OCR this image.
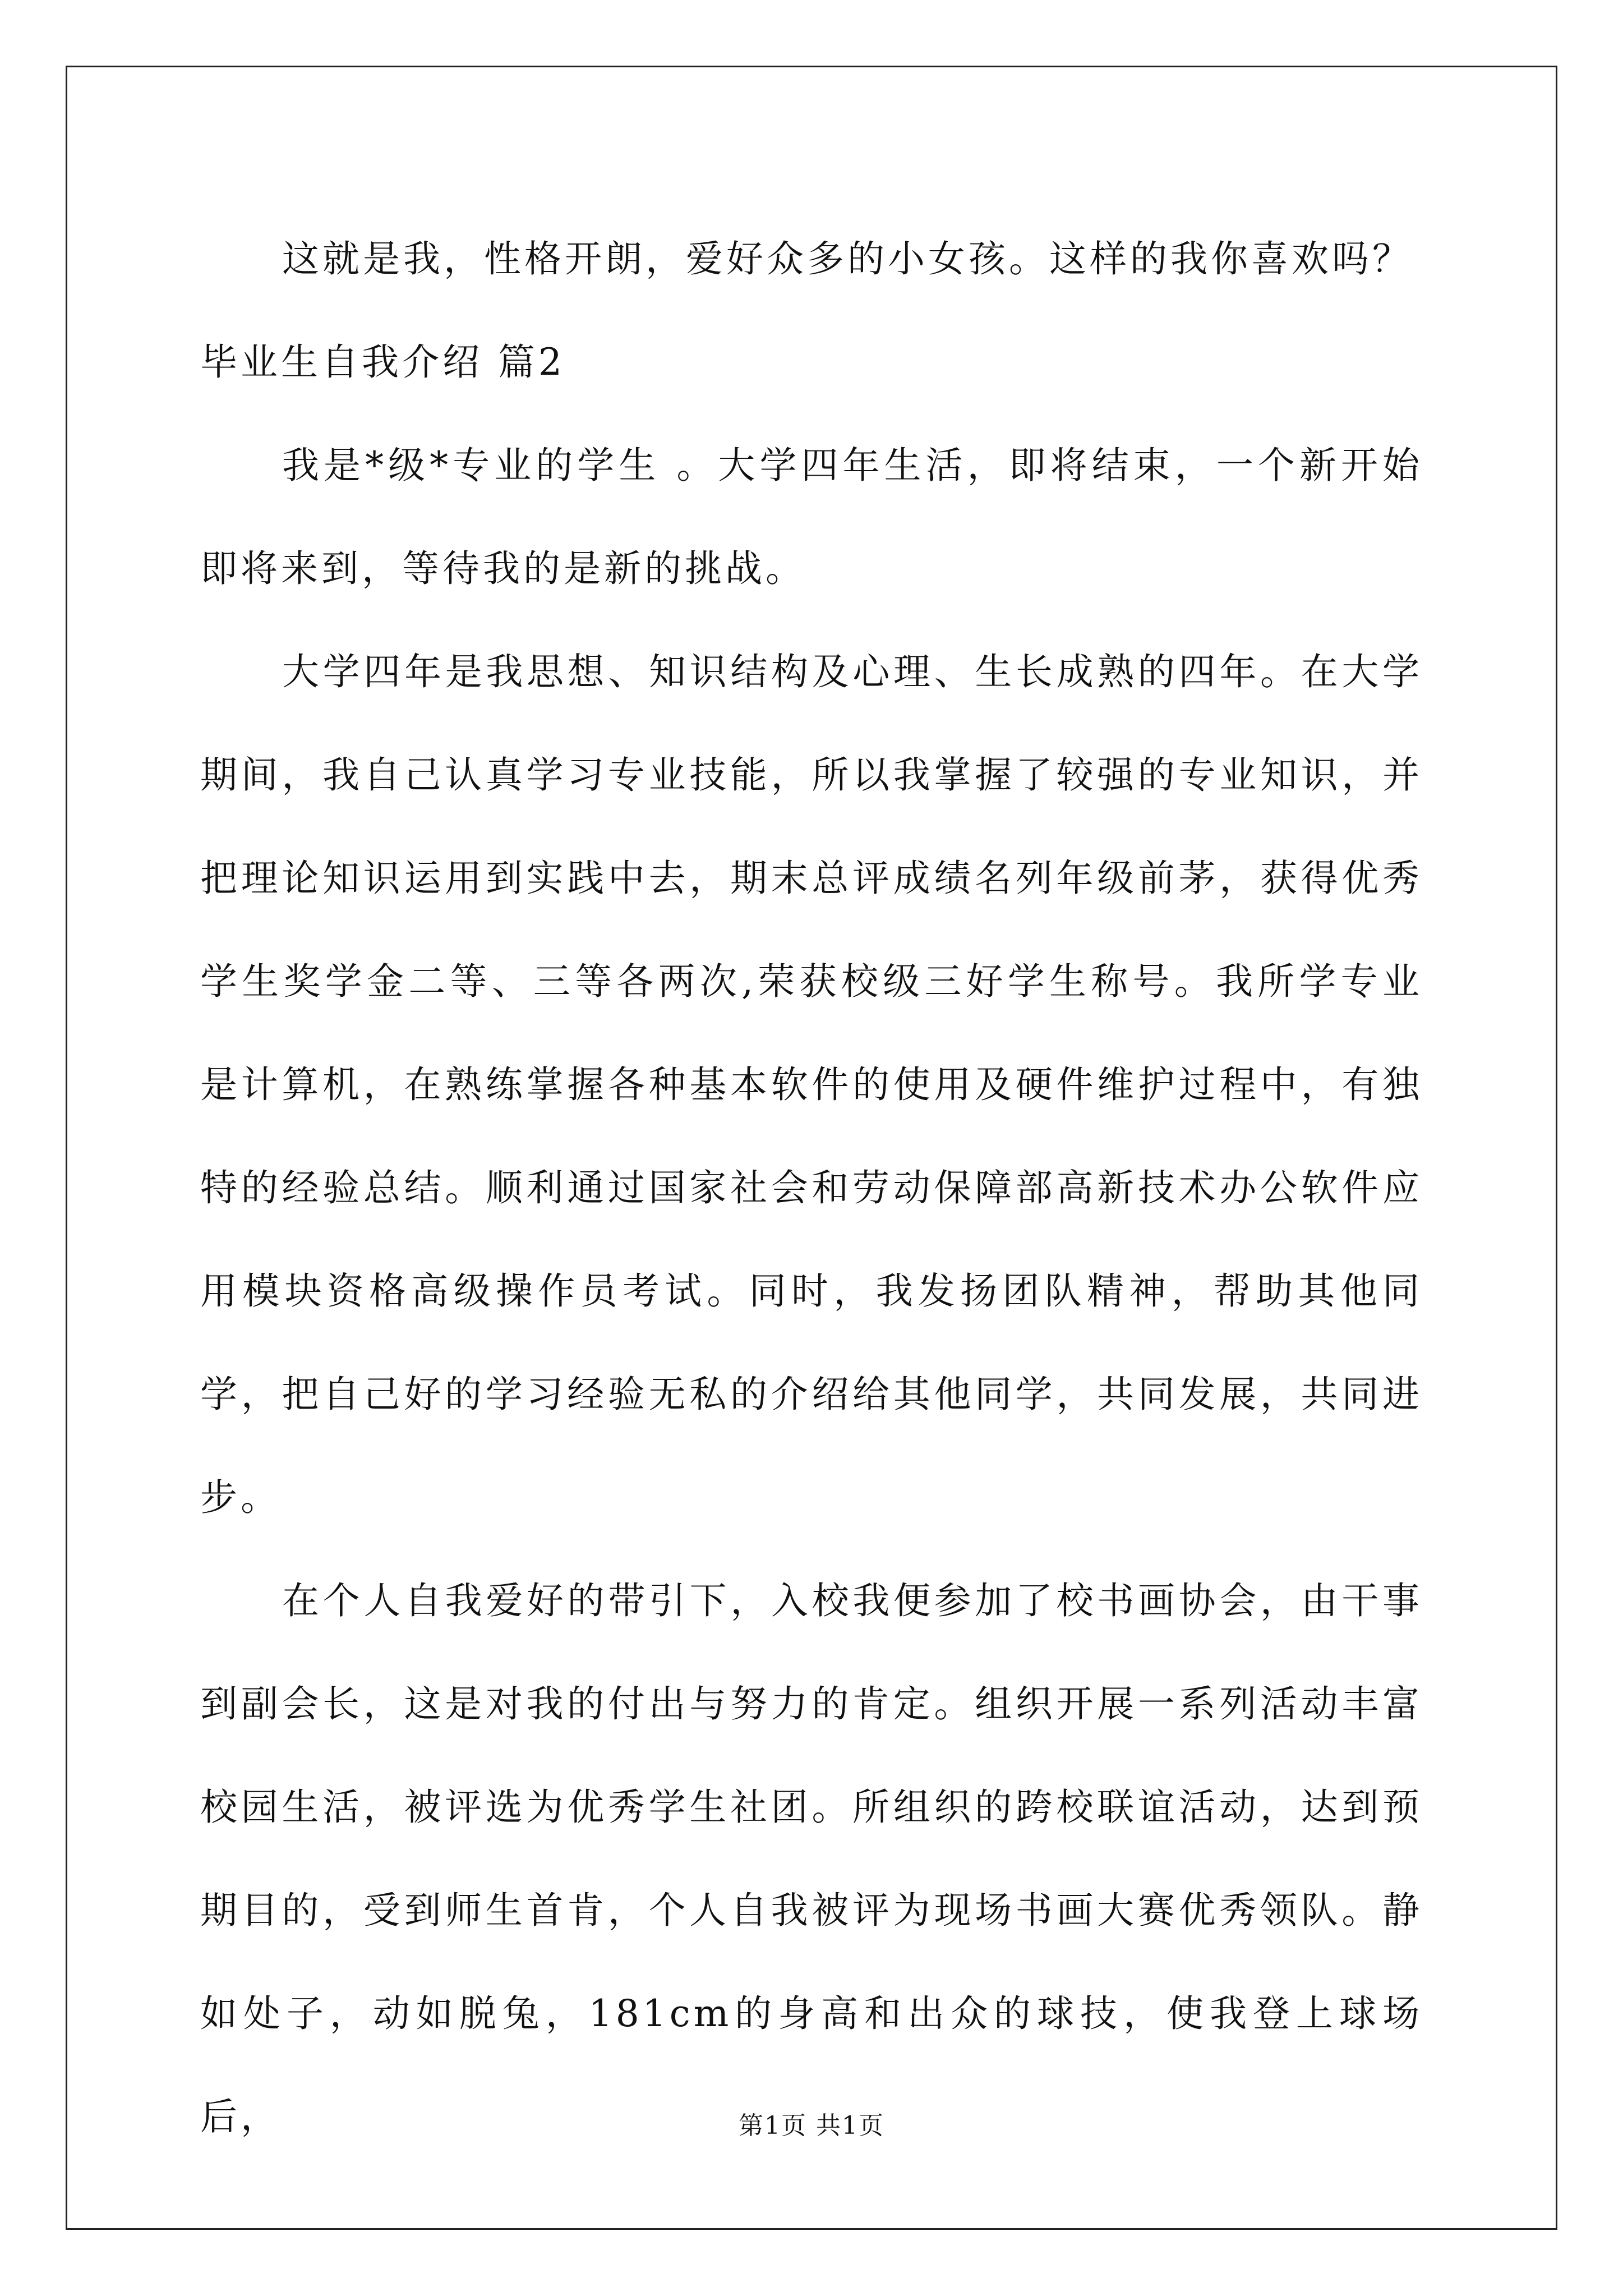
这就是我，性格开朗，爱好众多的小女孩。这样的我你喜欢吗？

毕业生自我介绍 篇2

我是*级*专业的学生 。大学四年生活，即将结束，一个新开始即将来到，等待我的是新的挑战。

大学四年是我思想、知识结构及心理、生长成熟的四年。在大学期间，我自己认真学习专业技能，所以我掌握了较强的专业知识，并把理论知识运用到实践中去，期末总评成绩名列年级前茅，获得优秀学生奖学金二等、三等各两次,荣获校级三好学生称号。我所学专业是计算机，在熟练掌握各种基本软件的使用及硬件维护过程中，有独特的经验总结。顺利通过国家社会和劳动保障部高新技术办公软件应用模块资格高级操作员考试。同时，我发扬团队精神，帮助其他同学，把自己好的学习经验无私的介绍给其他同学，共同发展，共同进步。

在个人自我爱好的带引下，入校我便参加了校书画协会，由干事到副会长，这是对我的付出与努力的肯定。组织开展一系列活动丰富校园生活，被评选为优秀学生社团。所组织的跨校联谊活动，达到预期目的，受到师生首肯，个人自我被评为现场书画大赛优秀领队。静如处子，动如脱兔，181cm的身高和出众的球技，使我登上球场后，	第1页 共1页
